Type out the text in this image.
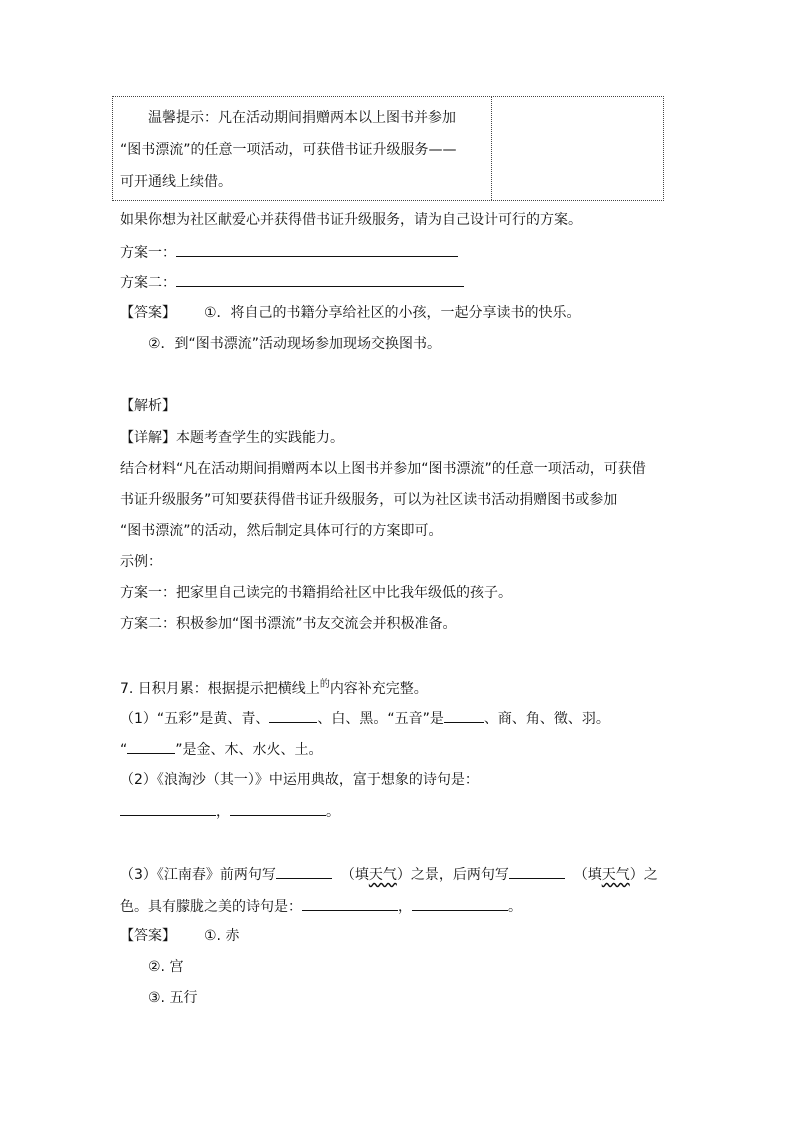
温馨提示：凡在活动期间捐赠两本以上图书并参加
“图书漂流”的任意一项活动，可获借书证升级服务——
可开通线上续借。
如果你想为社区献爱心并获得借书证升级服务，请为自己设计可行的方案。
方案一：
方案二：
【答案】 ①．将自己的书籍分享给社区的小孩，一起分享读书的快乐。
②．到“图书漂流”活动现场参加现场交换图书。
【解析】
【详解】本题考查学生的实践能力。
结合材料“凡在活动期间捐赠两本以上图书并参加“图书漂流”的任意一项活动，可获借
书证升级服务”可知要获得借书证升级服务，可以为社区读书活动捐赠图书或参加
“图书漂流”的活动，然后制定具体可行的方案即可。
示例：
方案一：把家里自己读完的书籍捐给社区中比我年级低的孩子。
方案二：积极参加“图书漂流”书友交流会并积极准备。
7. 日积月累：根据提示把横线上$^的$内容补充完整。
（1）“五彩”是黄、青、	、白、黑。“五音”是	、商、角、徵、羽。
“	”是金、木、水火、土。
（2）《浪淘沙（其一）》中运用典故，富于想象的诗句是：
，	。
（3）《江南春》前两句写	（填天气）之景，后两句写	（填天气）之
色。具有朦胧之美的诗句是：	，	。
【答案】 ①. 赤
②. 宫
③. 五行
